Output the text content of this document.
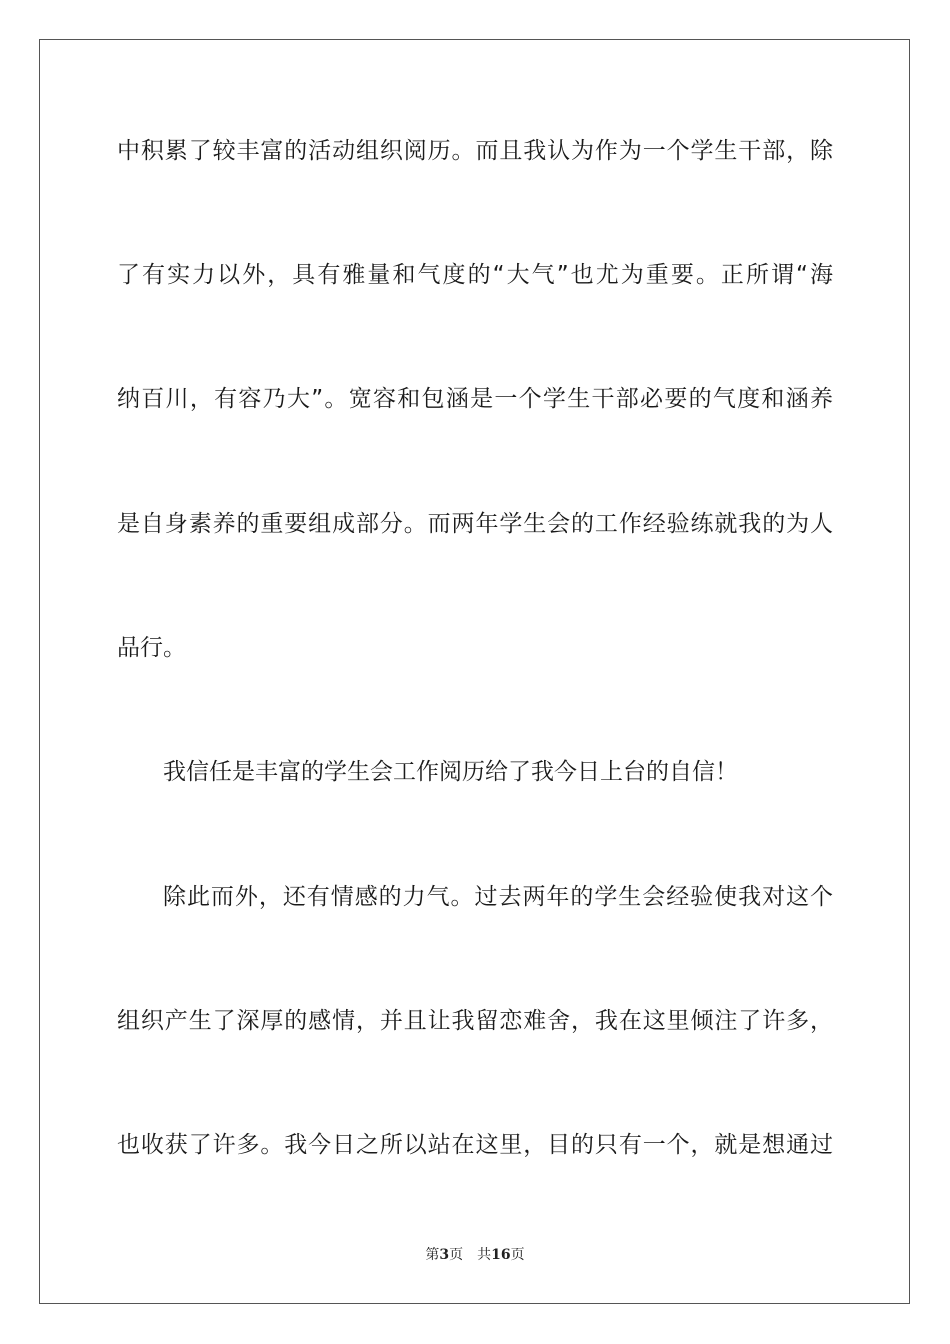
中积累了较丰富的活动组织阅历。而且我认为作为一个学生干部，除
了有实力以外，具有雅量和气度的“大气”也尤为重要。正所谓“海
纳百川，有容乃大”。宽容和包涵是一个学生干部必要的气度和涵养
是自身素养的重要组成部分。而两年学生会的工作经验练就我的为人
品行。
我信任是丰富的学生会工作阅历给了我今日上台的自信！
除此而外，还有情感的力气。过去两年的学生会经验使我对这个
组织产生了深厚的感情，并且让我留恋难舍，我在这里倾注了许多，
也收获了许多。我今日之所以站在这里，目的只有一个，就是想通过
第3页 共16页
